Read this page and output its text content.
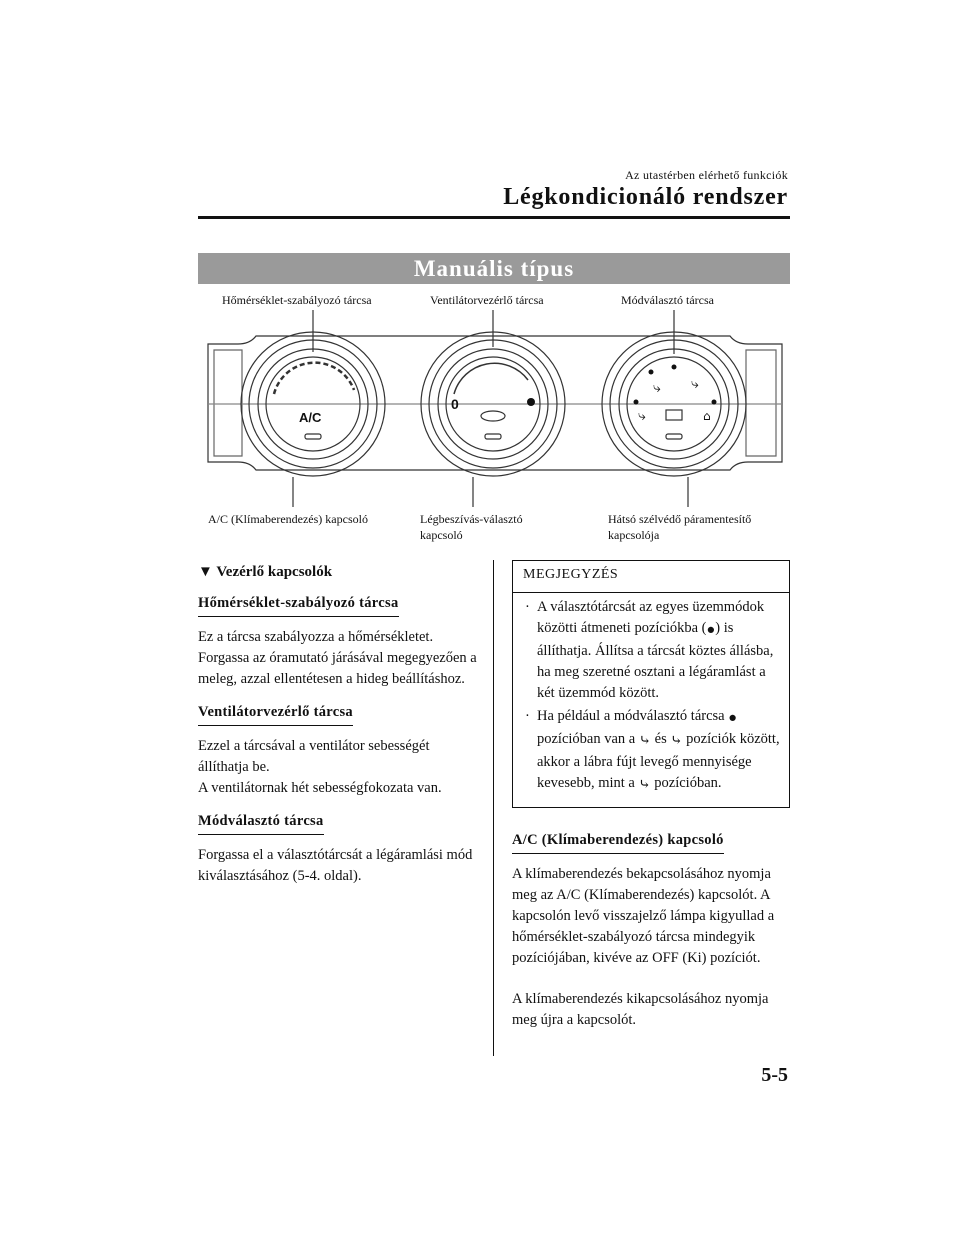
Az utastérben elérhető funkciók
Légkondicionáló rendszer
Manuális típus
⤷ ⤷
⤷	⌂
Hőmérséklet-szabályozó tárcsa	Ventilátorvezérlő tárcsa	Módválasztó tárcsa
A/C
0
A/C (Klímaberendezés) kapcsoló	Légbeszívás-választó
kapcsoló
Hátsó szélvédő páramentesítő
kapcsolója
▼ Vezérlő kapcsolók
Hőmérséklet-szabályozó tárcsa
Ez a tárcsa szabályozza a hőmérsékletet. Forgassa az óramutató járásával megegyezően a meleg, azzal ellentétesen a hideg beállításhoz.
Ventilátorvezérlő tárcsa
Ezzel a tárcsával a ventilátor sebességét állíthatja be.
A ventilátornak hét sebességfokozata van.
Módválasztó tárcsa
Forgassa el a választótárcsát a légáramlási mód kiválasztásához (5-4. oldal).
MEGJEGYZÉS
· A választótárcsát az egyes üzemmódok közötti átmeneti pozíciókba (●) is állíthatja. Állítsa a tárcsát köztes állásba, ha meg szeretné osztani a légáramlást a két üzemmód között.
· Ha például a módválasztó tárcsa ● pozícióban van a ⤷ és ⤷ pozíciók között, akkor a lábra fújt levegő mennyisége kevesebb, mint a ⤷ pozícióban.
A/C (Klímaberendezés) kapcsoló
A klímaberendezés bekapcsolásához nyomja meg az A/C (Klímaberendezés) kapcsolót. A kapcsolón levő visszajelző lámpa kigyullad a hőmérséklet-szabályozó tárcsa mindegyik pozíciójában, kivéve az OFF (Ki) pozíciót.
A klímaberendezés kikapcsolásához nyomja meg újra a kapcsolót.
5-5
